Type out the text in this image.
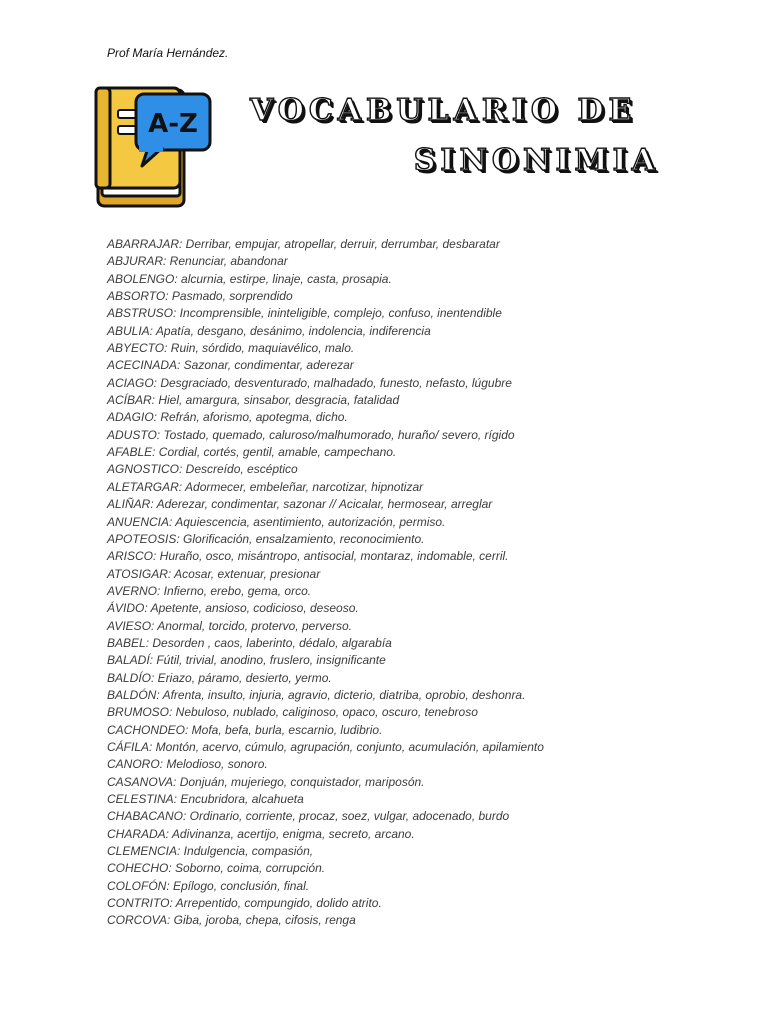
Prof María Hernández.
A-Z VOCABULARIO DE
SINONIMIA
ABARRAJAR: Derribar, empujar, atropellar, derruir, derrumbar, desbaratar
ABJURAR: Renunciar, abandonar
ABOLENGO: alcurnia, estirpe, linaje, casta, prosapia.
ABSORTO: Pasmado, sorprendido
ABSTRUSO: Incomprensible, ininteligible, complejo, confuso, inentendible
ABULIA: Apatía, desgano, desánimo, indolencia, indiferencia
ABYECTO: Ruin, sórdido, maquiavélico, malo.
ACECINADA: Sazonar, condimentar, aderezar
ACIAGO: Desgraciado, desventurado, malhadado, funesto, nefasto, lúgubre
ACÍBAR: Hiel, amargura, sinsabor, desgracia, fatalidad
ADAGIO: Refrán, aforismo, apotegma, dicho.
ADUSTO: Tostado, quemado, caluroso/malhumorado, huraño/ severo, rígido
AFABLE: Cordial, cortés, gentil, amable, campechano.
AGNOSTICO: Descreído, escéptico
ALETARGAR: Adormecer, embeleñar, narcotizar, hipnotizar
ALIÑAR: Aderezar, condimentar, sazonar // Acicalar, hermosear, arreglar
ANUENCIA: Aquiescencia, asentimiento, autorización, permiso.
APOTEOSIS: Glorificación, ensalzamiento, reconocimiento.
ARISCO: Huraño, osco, misántropo, antisocial, montaraz, indomable, cerril.
ATOSIGAR: Acosar, extenuar, presionar
AVERNO: Infierno, erebo, gema, orco.
ÁVIDO: Apetente, ansioso, codicioso, deseoso.
AVIESO: Anormal, torcido, protervo, perverso.
BABEL: Desorden , caos, laberinto, dédalo, algarabía
BALADÍ: Fútil, trivial, anodino, fruslero, insignificante
BALDÍO: Eriazo, páramo, desierto, yermo.
BALDÓN: Afrenta, insulto, injuria, agravio, dicterio, diatriba, oprobio, deshonra.
BRUMOSO: Nebuloso, nublado, caliginoso, opaco, oscuro, tenebroso
CACHONDEO: Mofa, befa, burla, escarnio, ludibrio.
CÁFILA: Montón, acervo, cúmulo, agrupación, conjunto, acumulación, apilamiento
CANORO: Melodioso, sonoro.
CASANOVA: Donjuán, mujeriego, conquistador, mariposón.
CELESTINA: Encubridora, alcahueta
CHABACANO: Ordinario, corriente, procaz, soez, vulgar, adocenado, burdo
CHARADA: Adivinanza, acertijo, enigma, secreto, arcano.
CLEMENCIA: Indulgencia, compasión,
COHECHO: Soborno, coima, corrupción.
COLOFÓN: Epílogo, conclusión, final.
CONTRITO: Arrepentido, compungido, dolido atrito.
CORCOVA: Giba, joroba, chepa, cifosis, renga
